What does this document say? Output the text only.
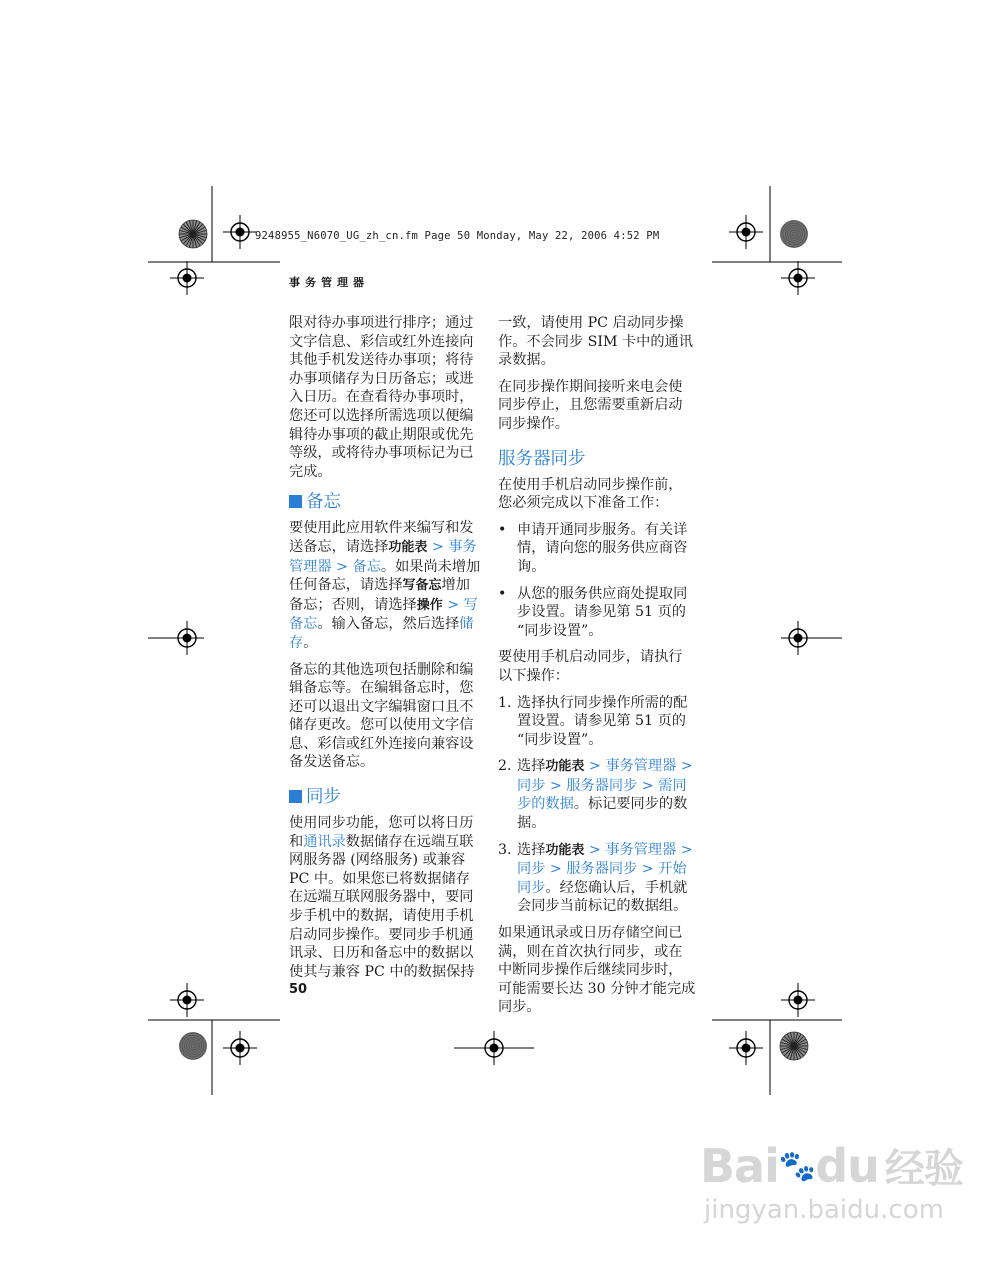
9248955_N6070_UG_zh_cn.fm Page 50 Monday, May 22, 2006 4:52 PM
事务管理器

限对待办事项进行排序；通过文字信息、彩信或红外连接向其他手机发送待办事项；将待办事项储存为日历备忘；或进入日历。在查看待办事项时，您还可以选择所需选项以便编辑待办事项的截止期限或优先等级，或将待办事项标记为已完成。

备忘

要使用此应用软件来编写和发送备忘，请选择功能表 > 事务管理器 > 备忘。如果尚未增加任何备忘，请选择写备忘增加备忘；否则，请选择操作 > 写备忘。输入备忘，然后选择储存。

备忘的其他选项包括删除和编辑备忘等。在编辑备忘时，您还可以退出文字编辑窗口且不储存更改。您可以使用文字信息、彩信或红外连接向兼容设备发送备忘。

同步

使用同步功能，您可以将日历和通讯录数据储存在远端互联网服务器 (网络服务) 或兼容 PC 中。如果您已将数据储存在远端互联网服务器中，要同步手机中的数据，请使用手机启动同步操作。要同步手机通讯录、日历和备忘中的数据以使其与兼容 PC 中的数据保持

50

一致，请使用 PC 启动同步操作。不会同步 SIM 卡中的通讯录数据。

在同步操作期间接听来电会使同步停止，且您需要重新启动同步操作。

服务器同步

在使用手机启动同步操作前，您必须完成以下准备工作：

• 申请开通同步服务。有关详情，请向您的服务供应商咨询。
• 从您的服务供应商处提取同步设置。请参见第 51 页的 “同步设置”。

要使用手机启动同步，请执行以下操作：

1. 选择执行同步操作所需的配置设置。请参见第 51 页的 “同步设置”。
2. 选择功能表 > 事务管理器 > 同步 > 服务器同步 > 需同步的数据。标记要同步的数据。
3. 选择功能表 > 事务管理器 > 同步 > 服务器同步 > 开始同步。经您确认后，手机就会同步当前标记的数据组。

如果通讯录或日历存储空间已满，则在首次执行同步，或在中断同步操作后继续同步时，可能需要长达 30 分钟才能完成同步。

Bai🐾du 经验
jingyan.baidu.com
